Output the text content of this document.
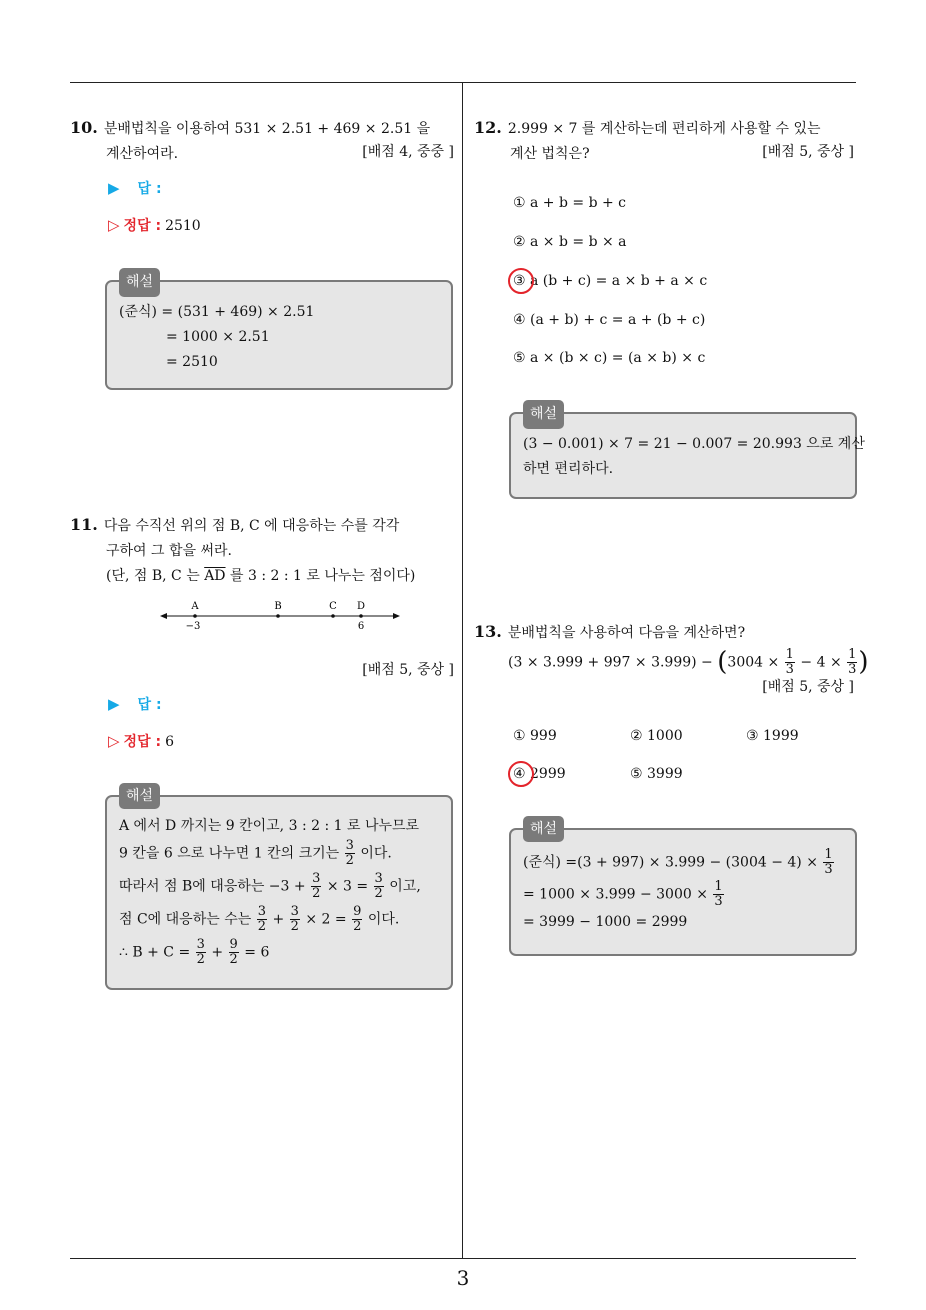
10. 분배법칙을 이용하여 531 × 2.51 + 469 × 2.51 을
계산하여라.	[배점 4, 중중 ]
▶ 답 :
▷ 정답 : 2510
해설
(준식) = (531 + 469) × 2.51
= 1000 × 2.51
= 2510
11. 다음 수직선 위의 점 B, C 에 대응하는 수를 각각
구하여 그 합을 써라.
(단, 점 B, C 는 $\overline{AD}$ 를 3 : 2 : 1 로 나누는 점이다)
A	B	C D
−3	6
[배점 5, 중상 ]
▶ 답 :
▷ 정답 : 6
해설
A 에서 D 까지는 9 칸이고, 3 : 2 : 1 로 나누므로
9 칸을 6 으로 나누면 1 칸의 크기는 $\frac{3}{2}$ 이다.
따라서 점 B에 대응하는 $-3 + \frac{3}{2} \times 3 = \frac{3}{2}$ 이고,
점 C에 대응하는 수는 $\frac{3}{2} + \frac{3}{2} \times 2 = \frac{9}{2}$ 이다.
∴ $B + C = \frac{3}{2} + \frac{9}{2} = 6$
12. 2.999 × 7 를 계산하는데 편리하게 사용할 수 있는
계산 법칙은?	[배점 5, 중상 ]
① a + b = b + c
② a × b = b × a
③ a (b + c) = a × b + a × c
④ (a + b) + c = a + (b + c)
⑤ a × (b × c) = (a × b) × c
해설
(3 − 0.001) × 7 = 21 − 0.007 = 20.993 으로 계산
하면 편리하다.
13. 분배법칙을 사용하여 다음을 계산하면?
$(3 \times 3.999 + 997 \times 3.999) - (3004 \times \frac{1}{3} - 4 \times \frac{1}{3}$ )
[배점 5, 중상 ]
① 999	② 1000	③ 1999
④ 2999	⑤ 3999
해설
(준식) $=(3 + 997) \times 3.999 - (3004 - 4) \times \frac{1}{3}$
= $1000 \times 3.999 - 3000 \times \frac{1}{3}$
= 3999 − 1000 = 2999
3
